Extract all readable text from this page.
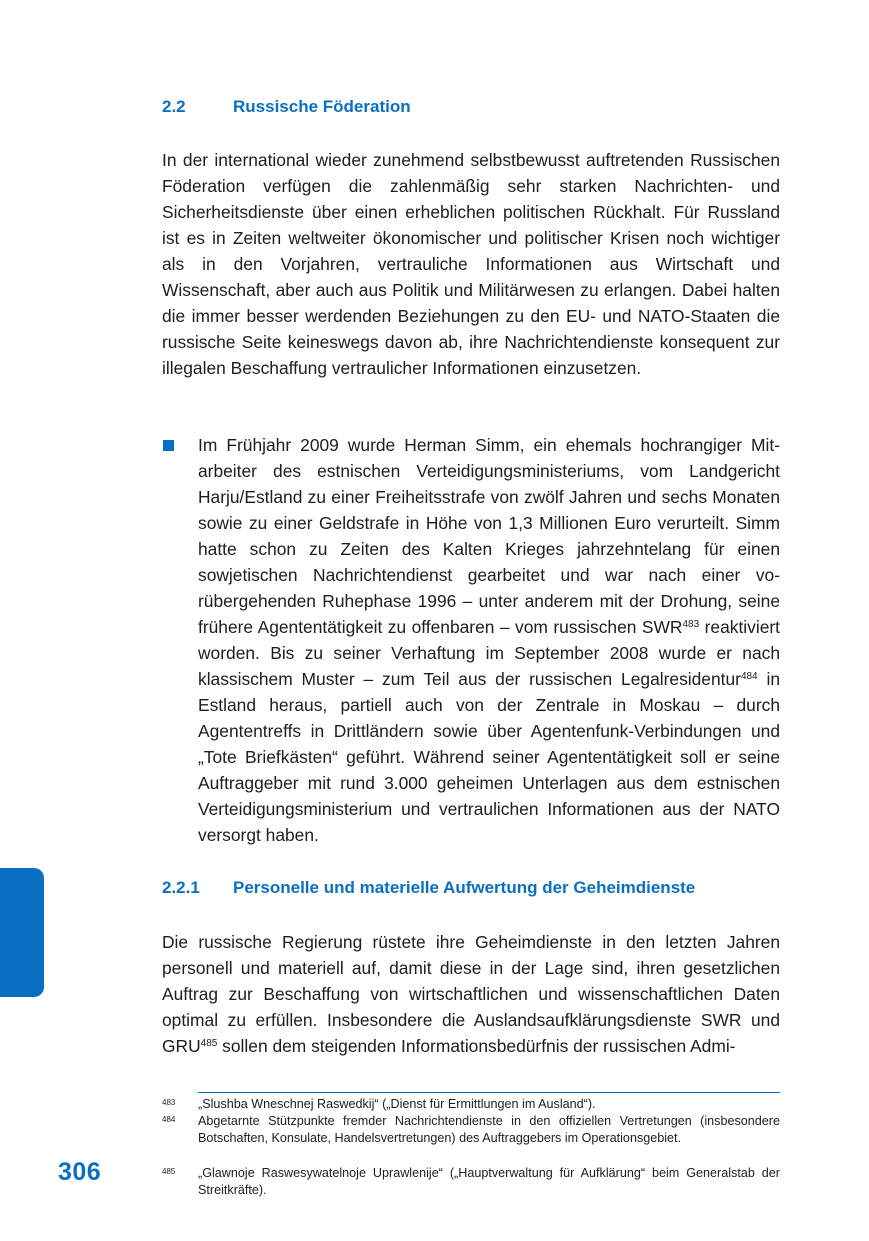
2.2	Russische Föderation

In der international wieder zunehmend selbstbewusst auftretenden Russischen Föderation verfügen die zahlenmäßig sehr starken Nachrichten- und Sicherheitsdienste über einen erheblichen politischen Rückhalt. Für Russland ist es in Zeiten weltweiter ökonomischer und politischer Krisen noch wichtiger als in den Vorjahren, vertrauliche Informationen aus Wirtschaft und Wissenschaft, aber auch aus Politik und Militärwesen zu erlangen. Dabei halten die immer besser werdenden Beziehungen zu den EU- und NATO-Staaten die russische Seite keineswegs davon ab, ihre Nachrichtendienste konsequent zur illegalen Beschaffung vertraulicher Informationen einzusetzen.

Im Frühjahr 2009 wurde Herman Simm, ein ehemals hochrangiger Mitarbeiter des estnischen Verteidigungsministeriums, vom Landgericht Harju/Estland zu einer Freiheitsstrafe von zwölf Jahren und sechs Monaten sowie zu einer Geldstrafe in Höhe von 1,3 Millionen Euro verurteilt. Simm hatte schon zu Zeiten des Kalten Krieges jahrzehntelang für einen sowjetischen Nachrichtendienst gearbeitet und war nach einer vorübergehenden Ruhephase 1996 – unter anderem mit der Drohung, seine frühere Agententätigkeit zu offenbaren – vom russischen SWR$^{483}$ reaktiviert worden. Bis zu seiner Verhaftung im September 2008 wurde er nach klassischem Muster – zum Teil aus der russischen Legalresidentur$^{484}$ in Estland heraus, partiell auch von der Zentrale in Moskau – durch Agententreffs in Drittländern sowie über Agentenfunk-Verbindungen und „Tote Briefkästen“ geführt. Während seiner Agententätigkeit soll er seine Auftraggeber mit rund 3.000 geheimen Unterlagen aus dem estnischen Verteidigungsministerium und vertraulichen Informationen aus der NATO versorgt haben.

2.2.1 Personelle und materielle Aufwertung der Geheimdienste

Die russische Regierung rüstete ihre Geheimdienste in den letzten Jahren personell und materiell auf, damit diese in der Lage sind, ihren gesetzlichen Auftrag zur Beschaffung von wirtschaftlichen und wissenschaftlichen Daten optimal zu erfüllen. Insbesondere die Auslandsaufklärungsdienste SWR und GRU$^{485}$ sollen dem steigenden Informationsbedürfnis der russischen Admi-

483 „Slushba Wneschnej Raswedkij“ („Dienst für Ermittlungen im Ausland“).
484 Abgetarnte Stützpunkte fremder Nachrichtendienste in den offiziellen Vertretungen (insbesondere Botschaften, Konsulate, Handelsvertretungen) des Auftraggebers im Operationsgebiet.
485 „Glawnoje Raswesywatelnoje Uprawlenije“ („Hauptverwaltung für Aufklärung“ beim Generalstab der Streitkräfte).
306
